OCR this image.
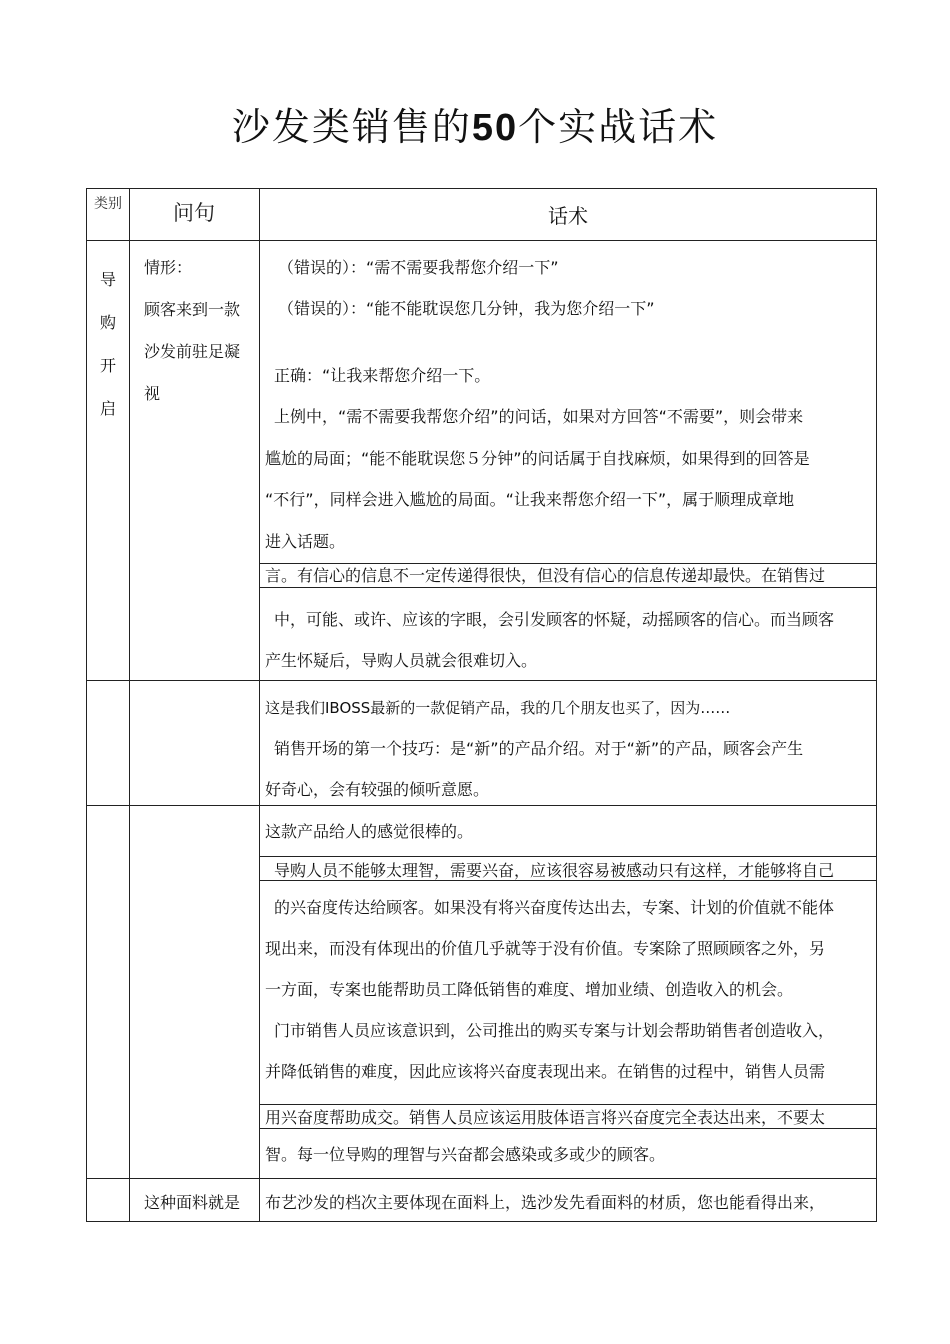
沙发类销售的50个实战话术
类别	问句	话术
导
购
开
启
情形：
顾客来到一款
沙发前驻足凝
视
（错误的）：“需不需要我帮您介绍一下”
（错误的）：“能不能耽误您几分钟，我为您介绍一下”
正确：“让我来帮您介绍一下。
上例中，“需不需要我帮您介绍”的问话，如果对方回答“不需要”，则会带来
尴尬的局面；“能不能耽误您５分钟”的问话属于自找麻烦，如果得到的回答是
“不行”，同样会进入尴尬的局面。“让我来帮您介绍一下”，属于顺理成章地
进入话题。
言。有信心的信息不一定传递得很快，但没有信心的信息传递却最快。在销售过
中，可能、或许、应该的字眼，会引发顾客的怀疑，动摇顾客的信心。而当顾客
产生怀疑后，导购人员就会很难切入。
这是我们IBOSS最新的一款促销产品，我的几个朋友也买了，因为……
销售开场的第一个技巧：是“新”的产品介绍。对于“新”的产品，顾客会产生
好奇心，会有较强的倾听意愿。
这款产品给人的感觉很棒的。
导购人员不能够太理智，需要兴奋，应该很容易被感动只有这样，才能够将自己
的兴奋度传达给顾客。如果没有将兴奋度传达出去，专案、计划的价值就不能体
现出来，而没有体现出的价值几乎就等于没有价值。专案除了照顾顾客之外，另
一方面，专案也能帮助员工降低销售的难度、增加业绩、创造收入的机会。
门市销售人员应该意识到，公司推出的购买专案与计划会帮助销售者创造收入，
并降低销售的难度，因此应该将兴奋度表现出来。在销售的过程中，销售人员需
用兴奋度帮助成交。销售人员应该运用肢体语言将兴奋度完全表达出来，不要太
智。每一位导购的理智与兴奋都会感染或多或少的顾客。
这种面料就是 布艺沙发的档次主要体现在面料上，选沙发先看面料的材质，您也能看得出来，
